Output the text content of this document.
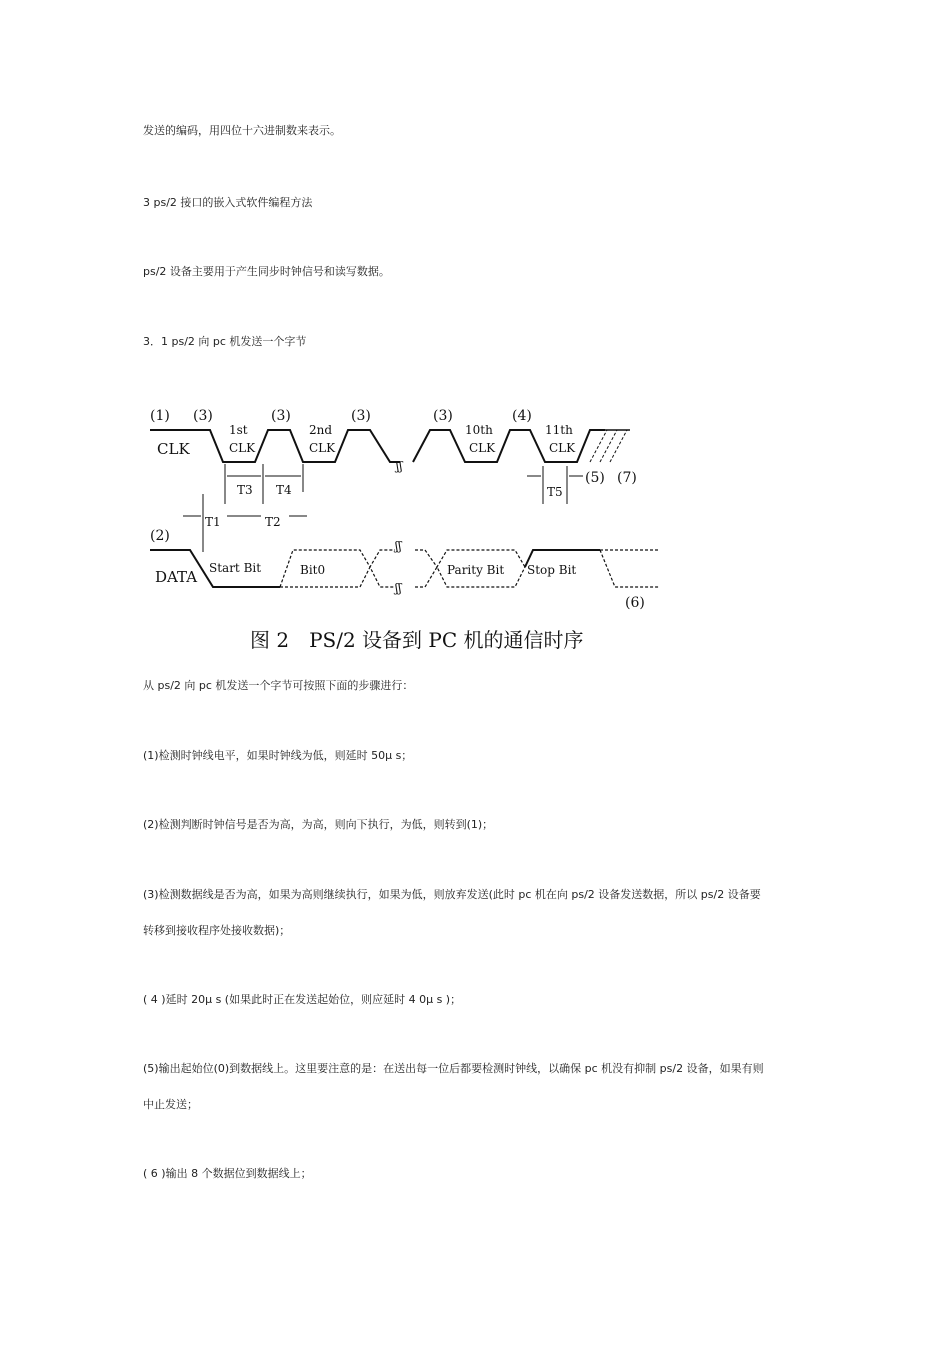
发送的编码，用四位十六进制数来表示。
3 ps/2 接口的嵌入式软件编程方法
ps/2 设备主要用于产生同步时钟信号和读写数据。
3．1 ps/2 向 pc 机发送一个字节
ʃʃ
(1) (3)	(3)	(3)	(3)	(4)
CLK
1st
CLK
2nd
CLK
10th
CLK
11th
CLK
T3 T4
T1	T2
T5
(5) (7)
(2)
DATA
ʃʃ
ʃʃ
(6)
Start Bit	Bit0	Parity Bit Stop Bit
图 2　PS/2 设备到 PC 机的通信时序
从 ps/2 向 pc 机发送一个字节可按照下面的步骤进行：
(1)检测时钟线电平，如果时钟线为低，则延时 50μ s；
(2)检测判断时钟信号是否为高，为高，则向下执行，为低，则转到(1)；
(3)检测数据线是否为高，如果为高则继续执行，如果为低，则放弃发送(此时 pc 机在向 ps/2 设备发送数据，所以 ps/2 设备要
转移到接收程序处接收数据)；
( 4 )延时 20μ s (如果此时正在发送起始位，则应延时 4 0μ s )；
(5)输出起始位(0)到数据线上。这里要注意的是：在送出每一位后都要检测时钟线，以确保 pc 机没有抑制 ps/2 设备，如果有则
中止发送；
( 6 )输出 8 个数据位到数据线上；
